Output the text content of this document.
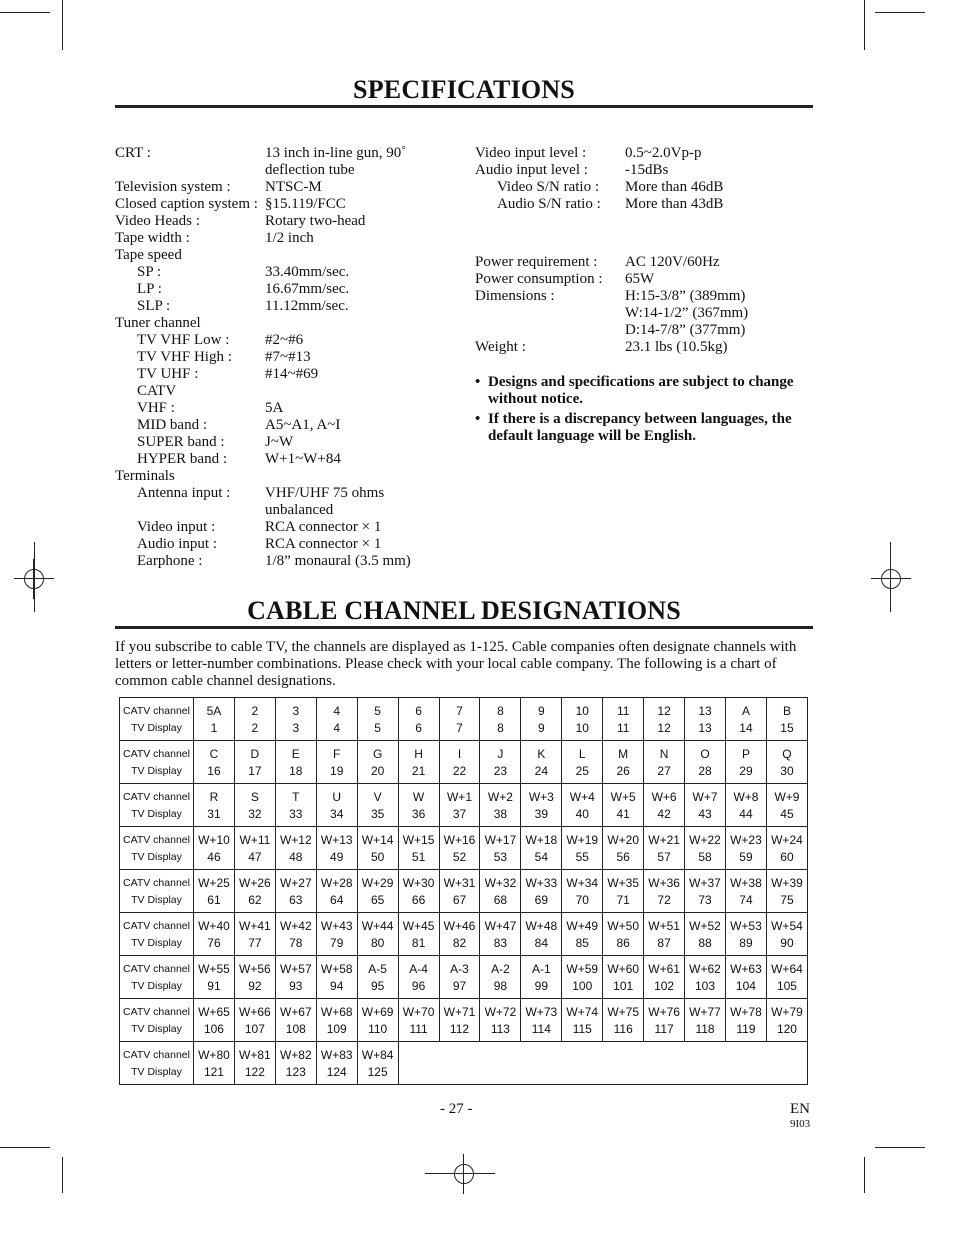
SPECIFICATIONS
CRT :	13 inch in-line gun, 90˚
deflection tube
Television system : NTSC-M
Closed caption system : §15.119/FCC
Video Heads :	Rotary two-head
Tape width :	1/2 inch
Tape speed
SP :	33.40mm/sec.
LP :	16.67mm/sec.
SLP :	11.12mm/sec.
Tuner channel
TV VHF Low : #2~#6
TV VHF High : #7~#13
TV UHF :	#14~#69
CATV
VHF :	5A
MID band :	A5~A1, A~I
SUPER band :	J~W
HYPER band :	W+1~W+84
Terminals
Antenna input : VHF/UHF 75 ohms
unbalanced
Video input :	RCA connector × 1
Audio input :	RCA connector × 1
Earphone :	1/8” monaural (3.5 mm)
Video input level :	0.5~2.0Vp-p
Audio input level : -15dBs
Video S/N ratio : More than 46dB
Audio S/N ratio : More than 43dB
Power requirement : AC 120V/60Hz
Power consumption : 65W
Dimensions :	H:15-3/8” (389mm)
W:14-1/2” (367mm)
D:14-7/8” (377mm)
Weight :	23.1 lbs (10.5kg)
• Designs and specifications are subject to change without notice.
• If there is a discrepancy between languages, the default language will be English.
CABLE CHANNEL DESIGNATIONS
If you subscribe to cable TV, the channels are displayed as 1-125. Cable companies often designate channels with letters or letter-number combinations. Please check with your local cable company. The following is a chart of common cable channel designations.
CATV channel	5A	2	3	4	5	6	7	8	9	10	11	12	13	A	B
TV Display	1	2	3	4	5	6	7	8	9	10	11	12	13	14	15
CATV channel	C	D	E	F	G	H	I	J	K	L	M	N	O	P	Q
TV Display	16	17	18	19	20	21	22	23	24	25	26	27	28	29	30
CATV channel	R	S	T	U	V	W	W+1	W+2	W+3	W+4	W+5	W+6	W+7	W+8	W+9
TV Display	31	32	33	34	35	36	37	38	39	40	41	42	43	44	45
CATV channel	W+10	W+11	W+12	W+13	W+14	W+15	W+16	W+17	W+18	W+19	W+20	W+21	W+22	W+23	W+24
TV Display	46	47	48	49	50	51	52	53	54	55	56	57	58	59	60
CATV channel	W+25	W+26	W+27	W+28	W+29	W+30	W+31	W+32	W+33	W+34	W+35	W+36	W+37	W+38	W+39
TV Display	61	62	63	64	65	66	67	68	69	70	71	72	73	74	75
CATV channel	W+40	W+41	W+42	W+43	W+44	W+45	W+46	W+47	W+48	W+49	W+50	W+51	W+52	W+53	W+54
TV Display	76	77	78	79	80	81	82	83	84	85	86	87	88	89	90
CATV channel	W+55	W+56	W+57	W+58	A-5	A-4	A-3	A-2	A-1	W+59	W+60	W+61	W+62	W+63	W+64
TV Display	91	92	93	94	95	96	97	98	99	100	101	102	103	104	105
CATV channel	W+65	W+66	W+67	W+68	W+69	W+70	W+71	W+72	W+73	W+74	W+75	W+76	W+77	W+78	W+79
TV Display	106	107	108	109	110	111	112	113	114	115	116	117	118	119	120
CATV channel	W+80	W+81	W+82	W+83	W+84										
TV Display	121	122	123	124	125										
- 27 -	EN
9I03
